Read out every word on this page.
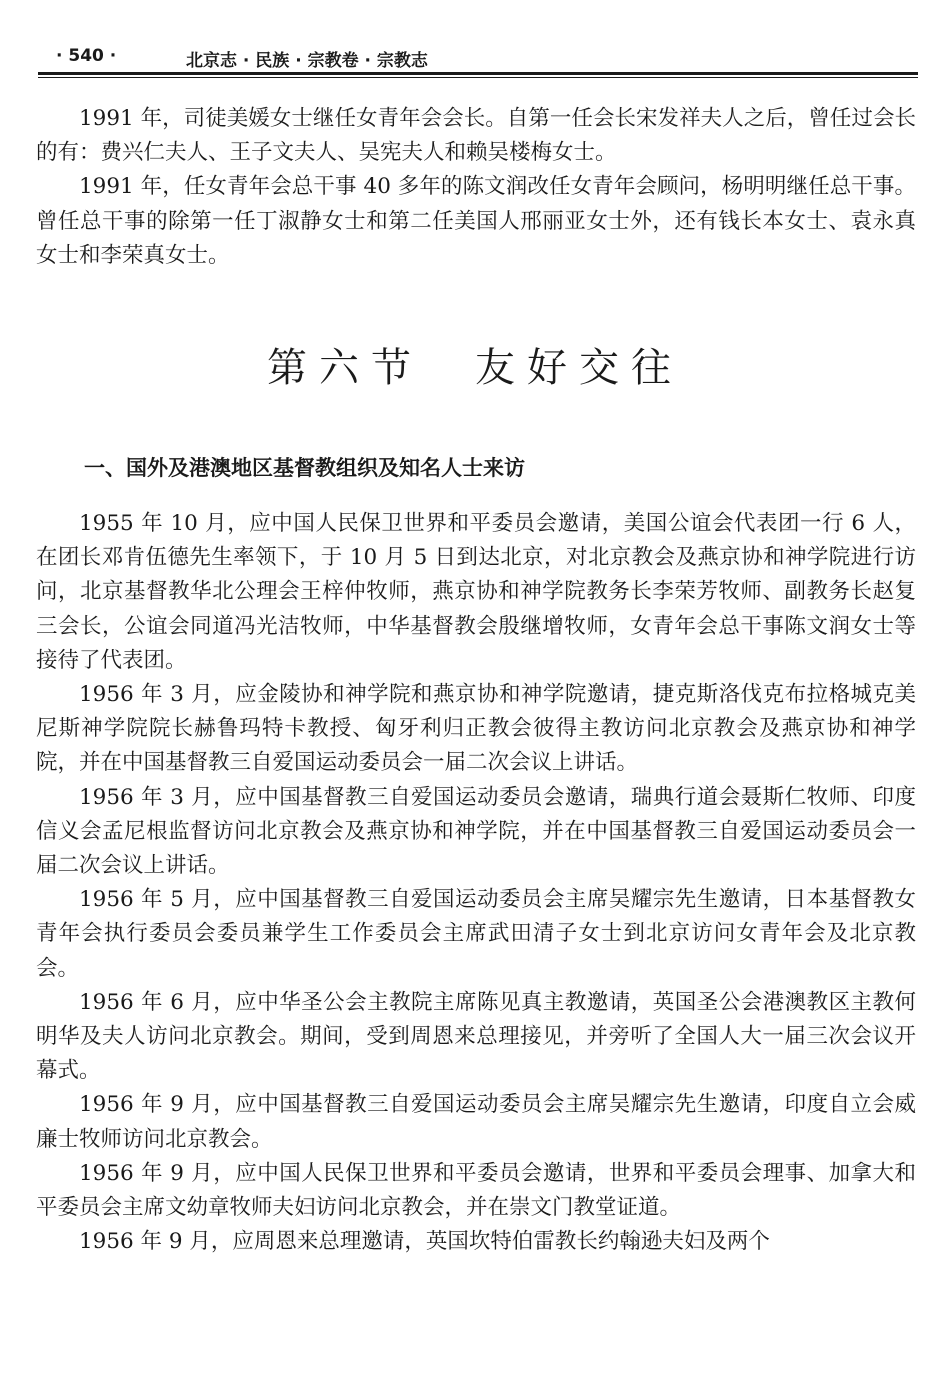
· 540 ·	北京志 · 民族 · 宗教卷 · 宗教志

1991 年，司徒美媛女士继任女青年会会长。自第一任会长宋发祥夫人之后，曾任过会长的有：费兴仁夫人、王子文夫人、吴宪夫人和赖吴楼梅女士。

1991 年，任女青年会总干事 40 多年的陈文润改任女青年会顾问，杨明明继任总干事。曾任总干事的除第一任丁淑静女士和第二任美国人邢丽亚女士外，还有钱长本女士、袁永真女士和李荣真女士。

第六节　友好交往
一、国外及港澳地区基督教组织及知名人士来访

1955 年 10 月，应中国人民保卫世界和平委员会邀请，美国公谊会代表团一行 6 人，在团长邓肯伍德先生率领下，于 10 月 5 日到达北京，对北京教会及燕京协和神学院进行访问，北京基督教华北公理会王梓仲牧师，燕京协和神学院教务长李荣芳牧师、副教务长赵复三会长，公谊会同道冯光洁牧师，中华基督教会殷继增牧师，女青年会总干事陈文润女士等接待了代表团。

1956 年 3 月，应金陵协和神学院和燕京协和神学院邀请，捷克斯洛伐克布拉格城克美尼斯神学院院长赫鲁玛特卡教授、匈牙利归正教会彼得主教访问北京教会及燕京协和神学院，并在中国基督教三自爱国运动委员会一届二次会议上讲话。

1956 年 3 月，应中国基督教三自爱国运动委员会邀请，瑞典行道会聂斯仁牧师、印度信义会孟尼根监督访问北京教会及燕京协和神学院，并在中国基督教三自爱国运动委员会一届二次会议上讲话。

1956 年 5 月，应中国基督教三自爱国运动委员会主席吴耀宗先生邀请，日本基督教女青年会执行委员会委员兼学生工作委员会主席武田清子女士到北京访问女青年会及北京教会。

1956 年 6 月，应中华圣公会主教院主席陈见真主教邀请，英国圣公会港澳教区主教何明华及夫人访问北京教会。期间，受到周恩来总理接见，并旁听了全国人大一届三次会议开幕式。

1956 年 9 月，应中国基督教三自爱国运动委员会主席吴耀宗先生邀请，印度自立会威廉士牧师访问北京教会。

1956 年 9 月，应中国人民保卫世界和平委员会邀请，世界和平委员会理事、加拿大和平委员会主席文幼章牧师夫妇访问北京教会，并在崇文门教堂证道。

1956 年 9 月，应周恩来总理邀请，英国坎特伯雷教长约翰逊夫妇及两个
